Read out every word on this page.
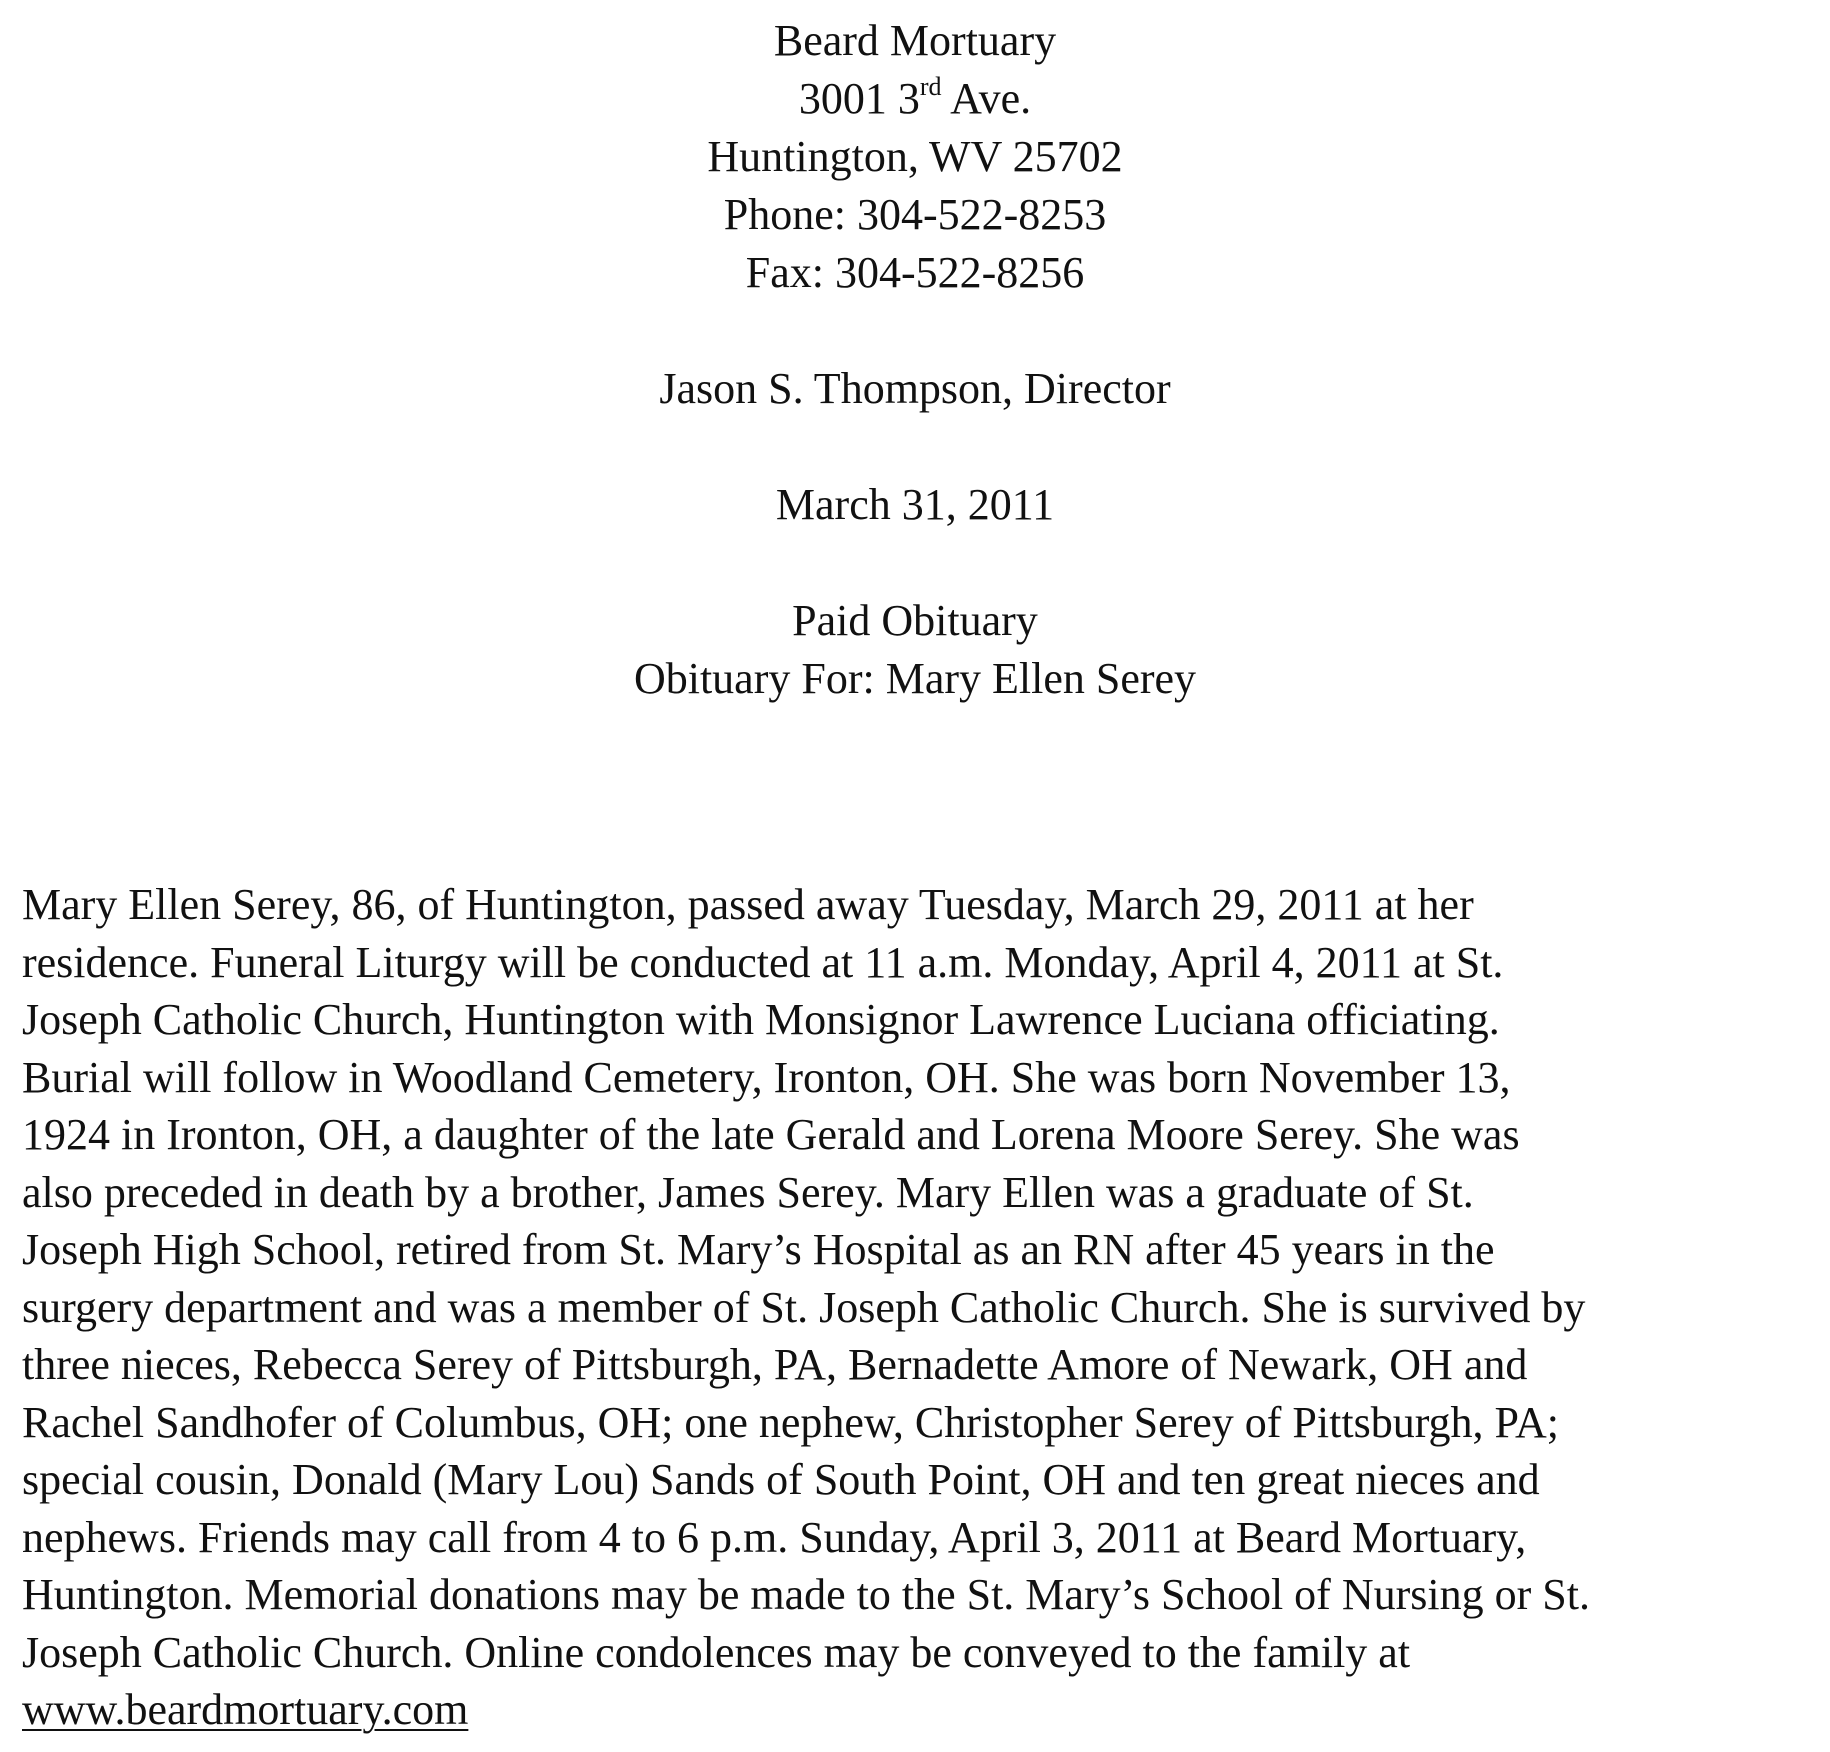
Beard Mortuary
3001 3rd Ave.
Huntington, WV 25702
Phone: 304-522-8253
Fax: 304-522-8256
Jason S. Thompson, Director
March 31, 2011
Paid Obituary
Obituary For: Mary Ellen Serey
Mary Ellen Serey, 86, of Huntington, passed away Tuesday, March 29, 2011 at her
residence. Funeral Liturgy will be conducted at 11 a.m. Monday, April 4, 2011 at St.
Joseph Catholic Church, Huntington with Monsignor Lawrence Luciana officiating.
Burial will follow in Woodland Cemetery, Ironton, OH. She was born November 13,
1924 in Ironton, OH, a daughter of the late Gerald and Lorena Moore Serey. She was
also preceded in death by a brother, James Serey. Mary Ellen was a graduate of St.
Joseph High School, retired from St. Mary’s Hospital as an RN after 45 years in the
surgery department and was a member of St. Joseph Catholic Church. She is survived by
three nieces, Rebecca Serey of Pittsburgh, PA, Bernadette Amore of Newark, OH and
Rachel Sandhofer of Columbus, OH; one nephew, Christopher Serey of Pittsburgh, PA;
special cousin, Donald (Mary Lou) Sands of South Point, OH and ten great nieces and
nephews. Friends may call from 4 to 6 p.m. Sunday, April 3, 2011 at Beard Mortuary,
Huntington. Memorial donations may be made to the St. Mary’s School of Nursing or St.
Joseph Catholic Church. Online condolences may be conveyed to the family at
www.beardmortuary.com
